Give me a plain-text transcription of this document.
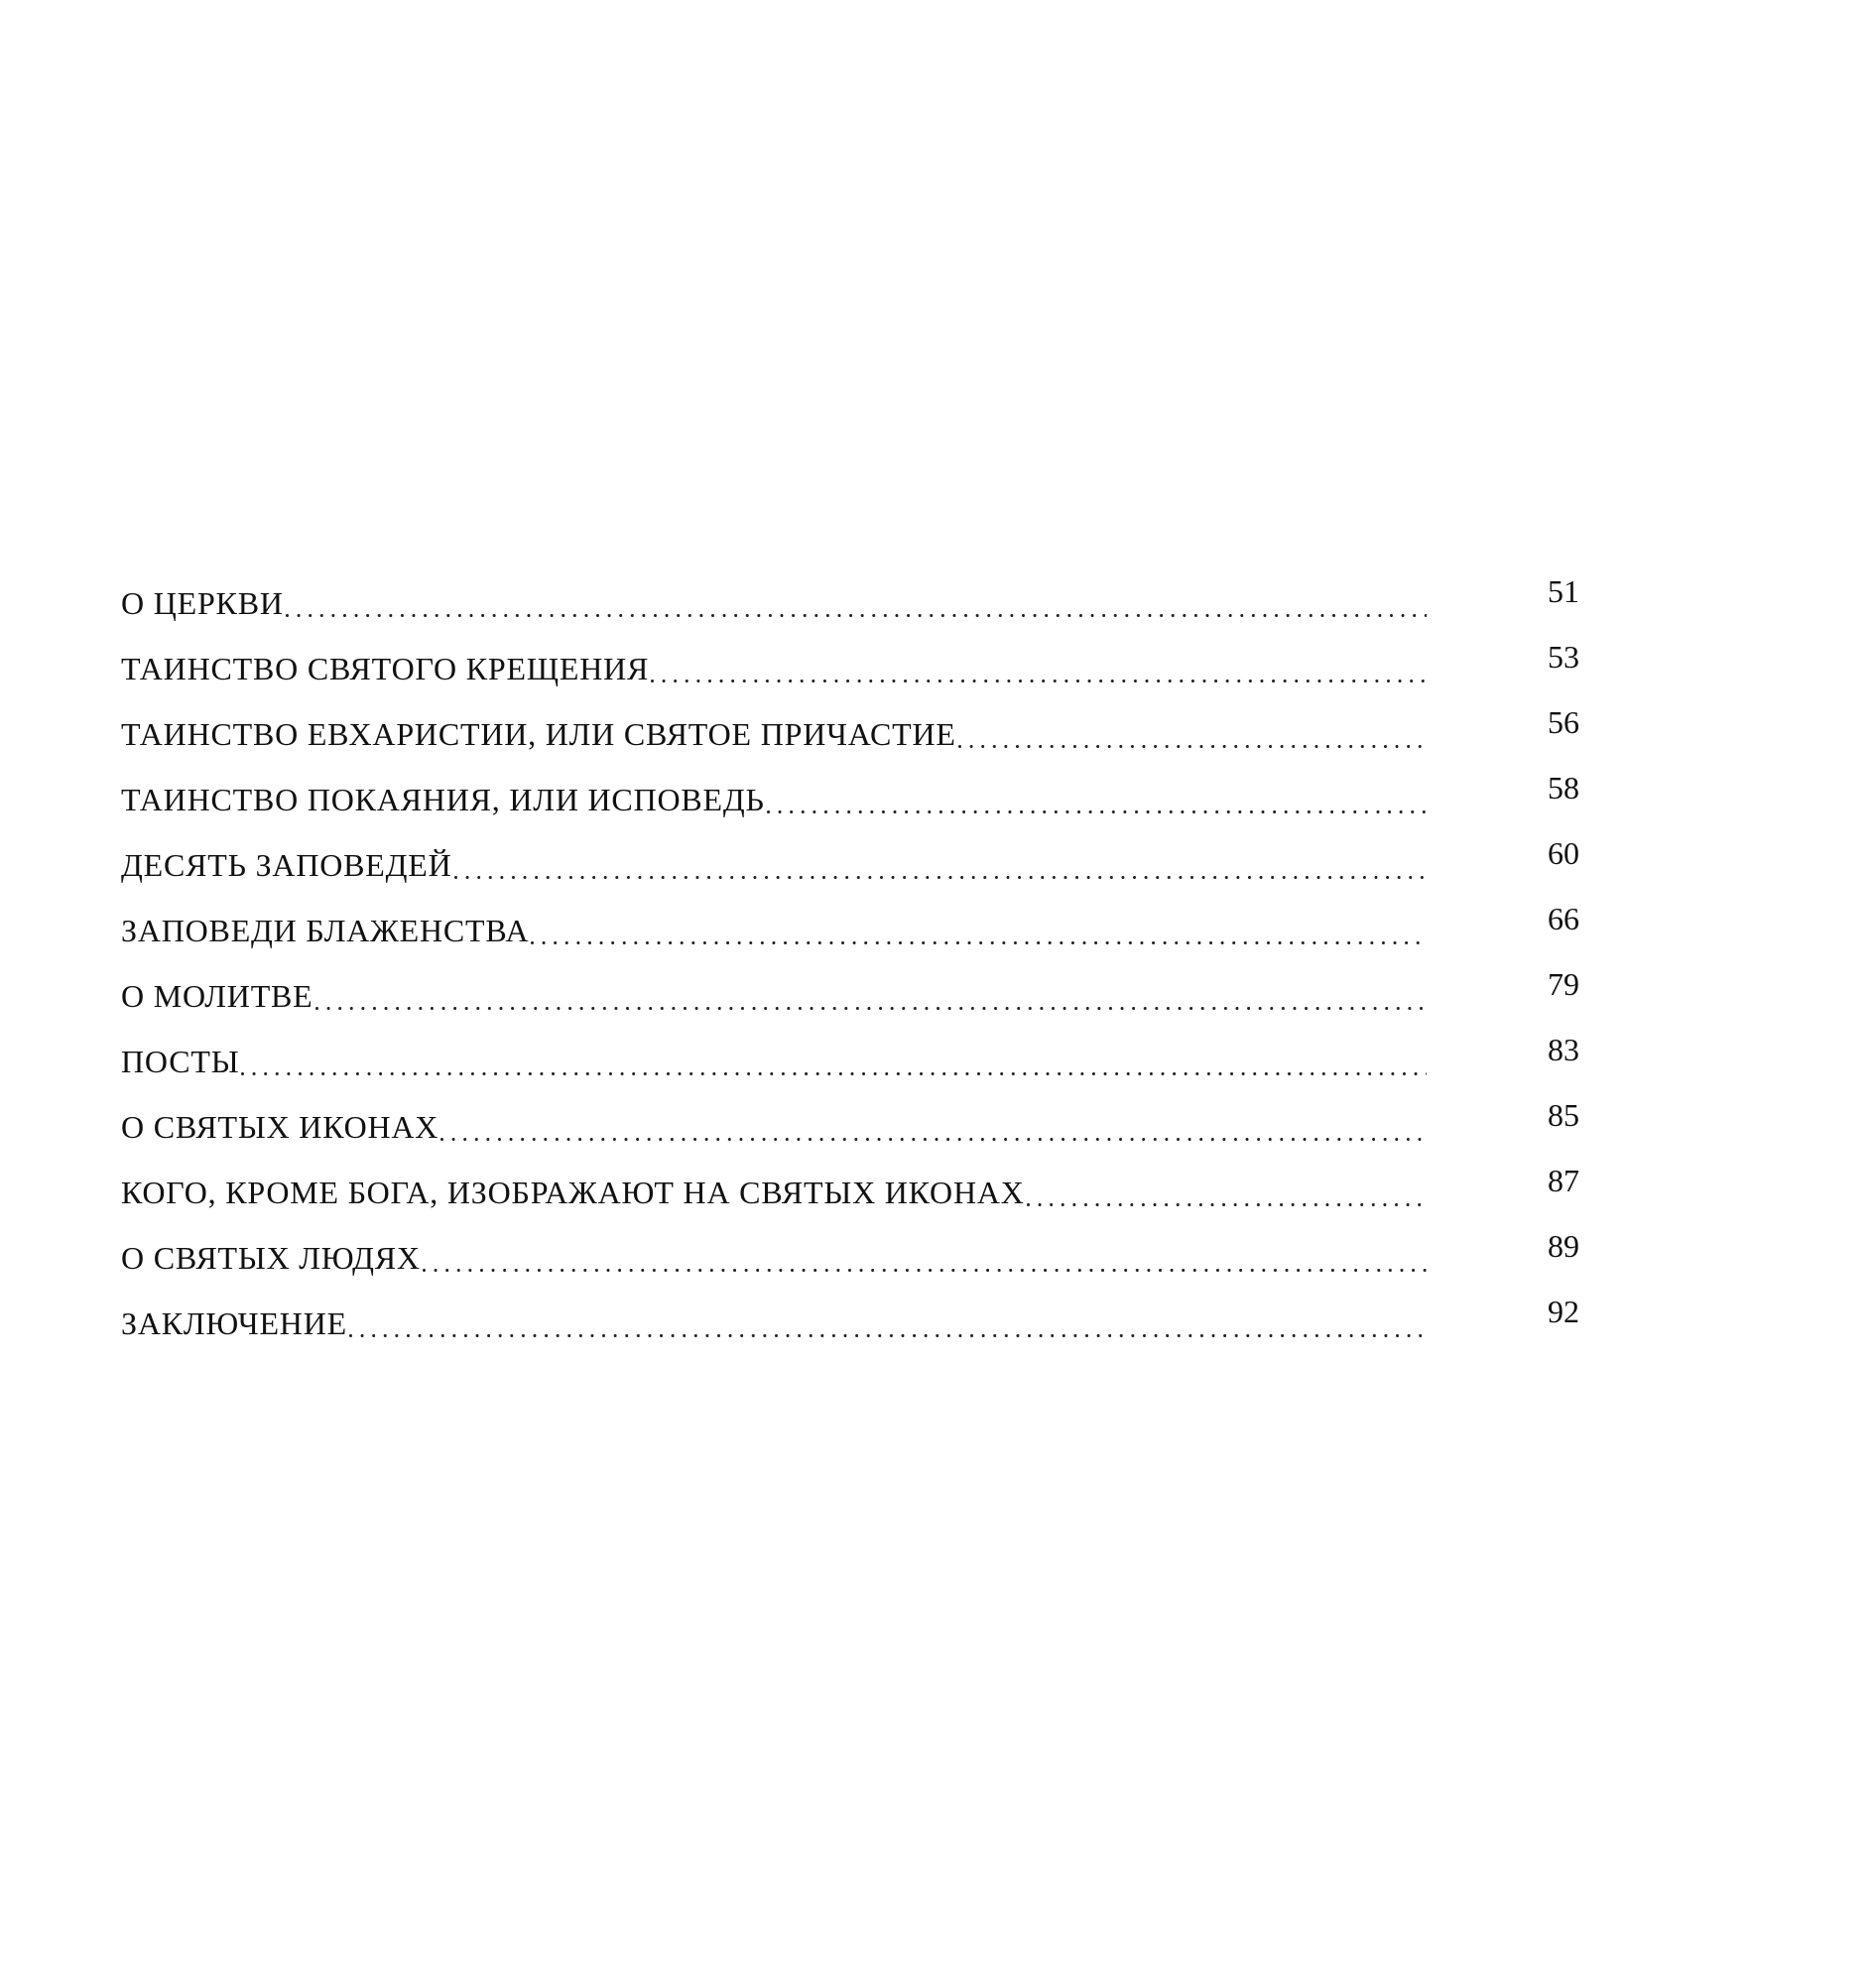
О ЦЕРКВИ	51
ТАИНСТВО СВЯТОГО КРЕЩЕНИЯ	53
ТАИНСТВО ЕВХАРИСТИИ, ИЛИ СВЯТОЕ ПРИЧАСТИЕ	56
ТАИНСТВО ПОКАЯНИЯ, ИЛИ ИСПОВЕДЬ	58
ДЕСЯТЬ ЗАПОВЕДЕЙ	60
ЗАПОВЕДИ БЛАЖЕНСТВА	66
О МОЛИТВЕ	79
ПОСТЫ	83
О СВЯТЫХ ИКОНАХ	85
КОГО, КРОМЕ БОГА, ИЗОБРАЖАЮТ НА СВЯТЫХ ИКОНАХ	87
О СВЯТЫХ ЛЮДЯХ	89
ЗАКЛЮЧЕНИЕ	92
